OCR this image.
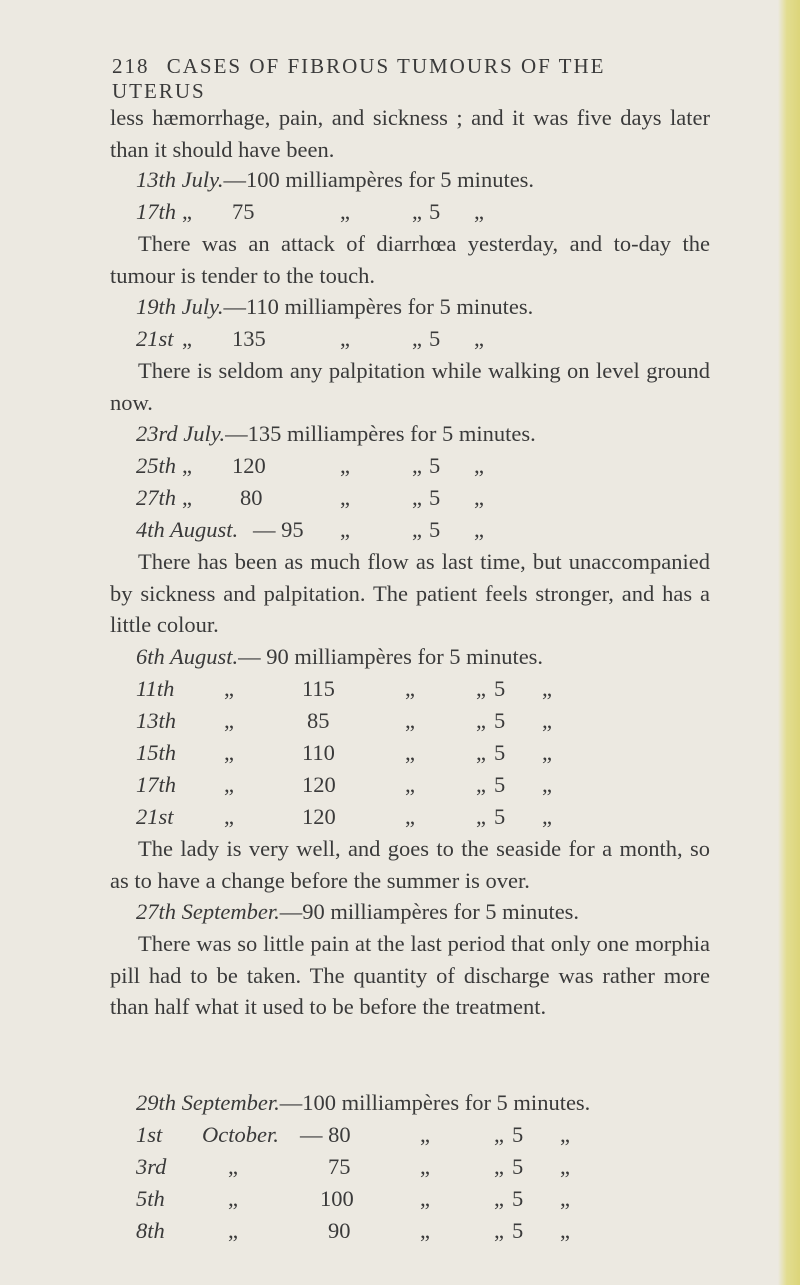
218 CASES OF FIBROUS TUMOURS OF THE UTERUS
less hæmorrhage, pain, and sickness ; and it was five days later than it should have been.
13th July.—100 milliampères for 5 minutes.
17th „ 75	„	„ 5 „
There was an attack of diarrhœa yesterday, and to-day the tumour is tender to the touch.
19th July.—110 milliampères for 5 minutes.
21st „ 135	„	„ 5 „
There is seldom any palpitation while walking on level ground now.
23rd July.—135 milliampères for 5 minutes.
25th „ 120	„	„ 5 „
27th „ 80	„	„ 5 „
4th August. — 95 „	„ 5 „
There has been as much flow as last time, but unaccompanied by sickness and palpitation. The patient feels stronger, and has a little colour.
6th August.— 90 milliampères for 5 minutes.
11th „	115	„	„ 5 „
13th „	85	„	„ 5 „
15th „	110	„	„ 5 „
17th „	120	„	„ 5 „
21st „	120	„	„ 5 „
The lady is very well, and goes to the seaside for a month, so as to have a change before the summer is over.
27th September.—90 milliampères for 5 minutes.
There was so little pain at the last period that only one morphia pill had to be taken. The quantity of discharge was rather more than half what it used to be before the treatment.
29th September.—100 milliampères for 5 minutes.
1st October. — 80	„	„ 5 „
3rd	„	75	„	„ 5 „
5th	„	100	„	„ 5 „
8th	„	90	„	„ 5 „
